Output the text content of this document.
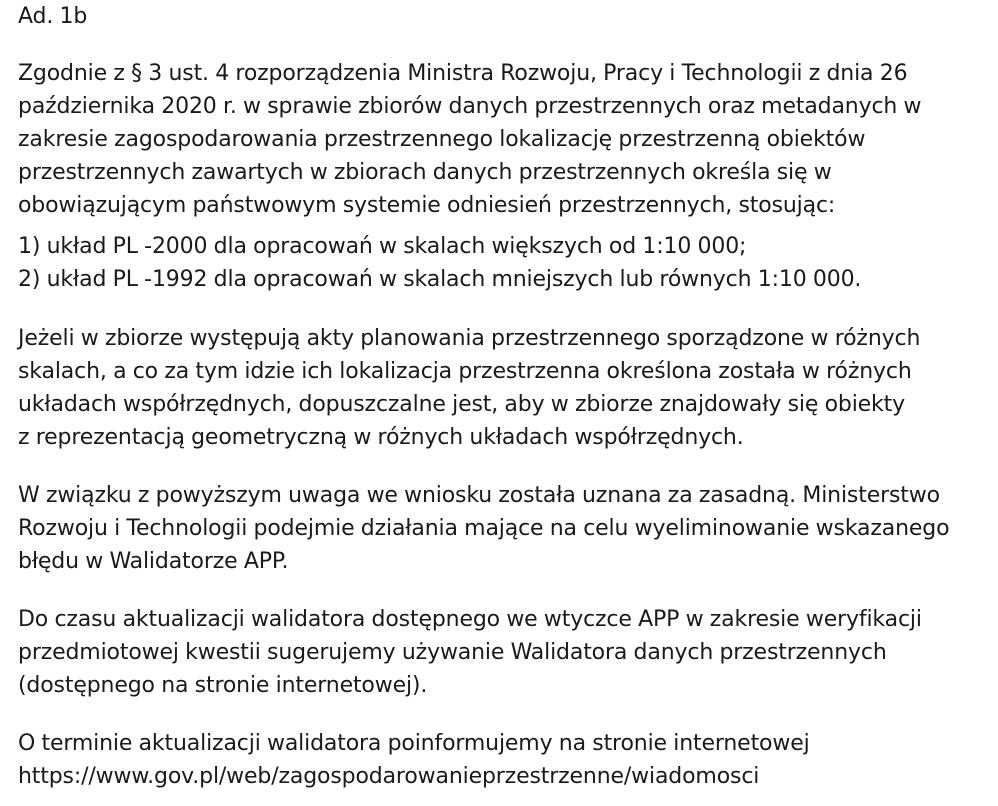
Ad. 1b

Zgodnie z § 3 ust. 4 rozporządzenia Ministra Rozwoju, Pracy i Technologii z dnia 26
października 2020 r. w sprawie zbiorów danych przestrzennych oraz metadanych w
zakresie zagospodarowania przestrzennego lokalizację przestrzenną obiektów
przestrzennych zawartych w zbiorach danych przestrzennych określa się w
obowiązującym państwowym systemie odniesień przestrzennych, stosując:

1) układ PL -2000 dla opracowań w skalach większych od 1:10 000;
2) układ PL -1992 dla opracowań w skalach mniejszych lub równych 1:10 000.

Jeżeli w zbiorze występują akty planowania przestrzennego sporządzone w różnych
skalach, a co za tym idzie ich lokalizacja przestrzenna określona została w różnych
układach współrzędnych, dopuszczalne jest, aby w zbiorze znajdowały się obiekty
z reprezentacją geometryczną w różnych układach współrzędnych.

W związku z powyższym uwaga we wniosku została uznana za zasadną. Ministerstwo
Rozwoju i Technologii podejmie działania mające na celu wyeliminowanie wskazanego
błędu w Walidatorze APP.

Do czasu aktualizacji walidatora dostępnego we wtyczce APP w zakresie weryfikacji
przedmiotowej kwestii sugerujemy używanie Walidatora danych przestrzennych
(dostępnego na stronie internetowej).

O terminie aktualizacji walidatora poinformujemy na stronie internetowej
https://www.gov.pl/web/zagospodarowanieprzestrzenne/wiadomosci
